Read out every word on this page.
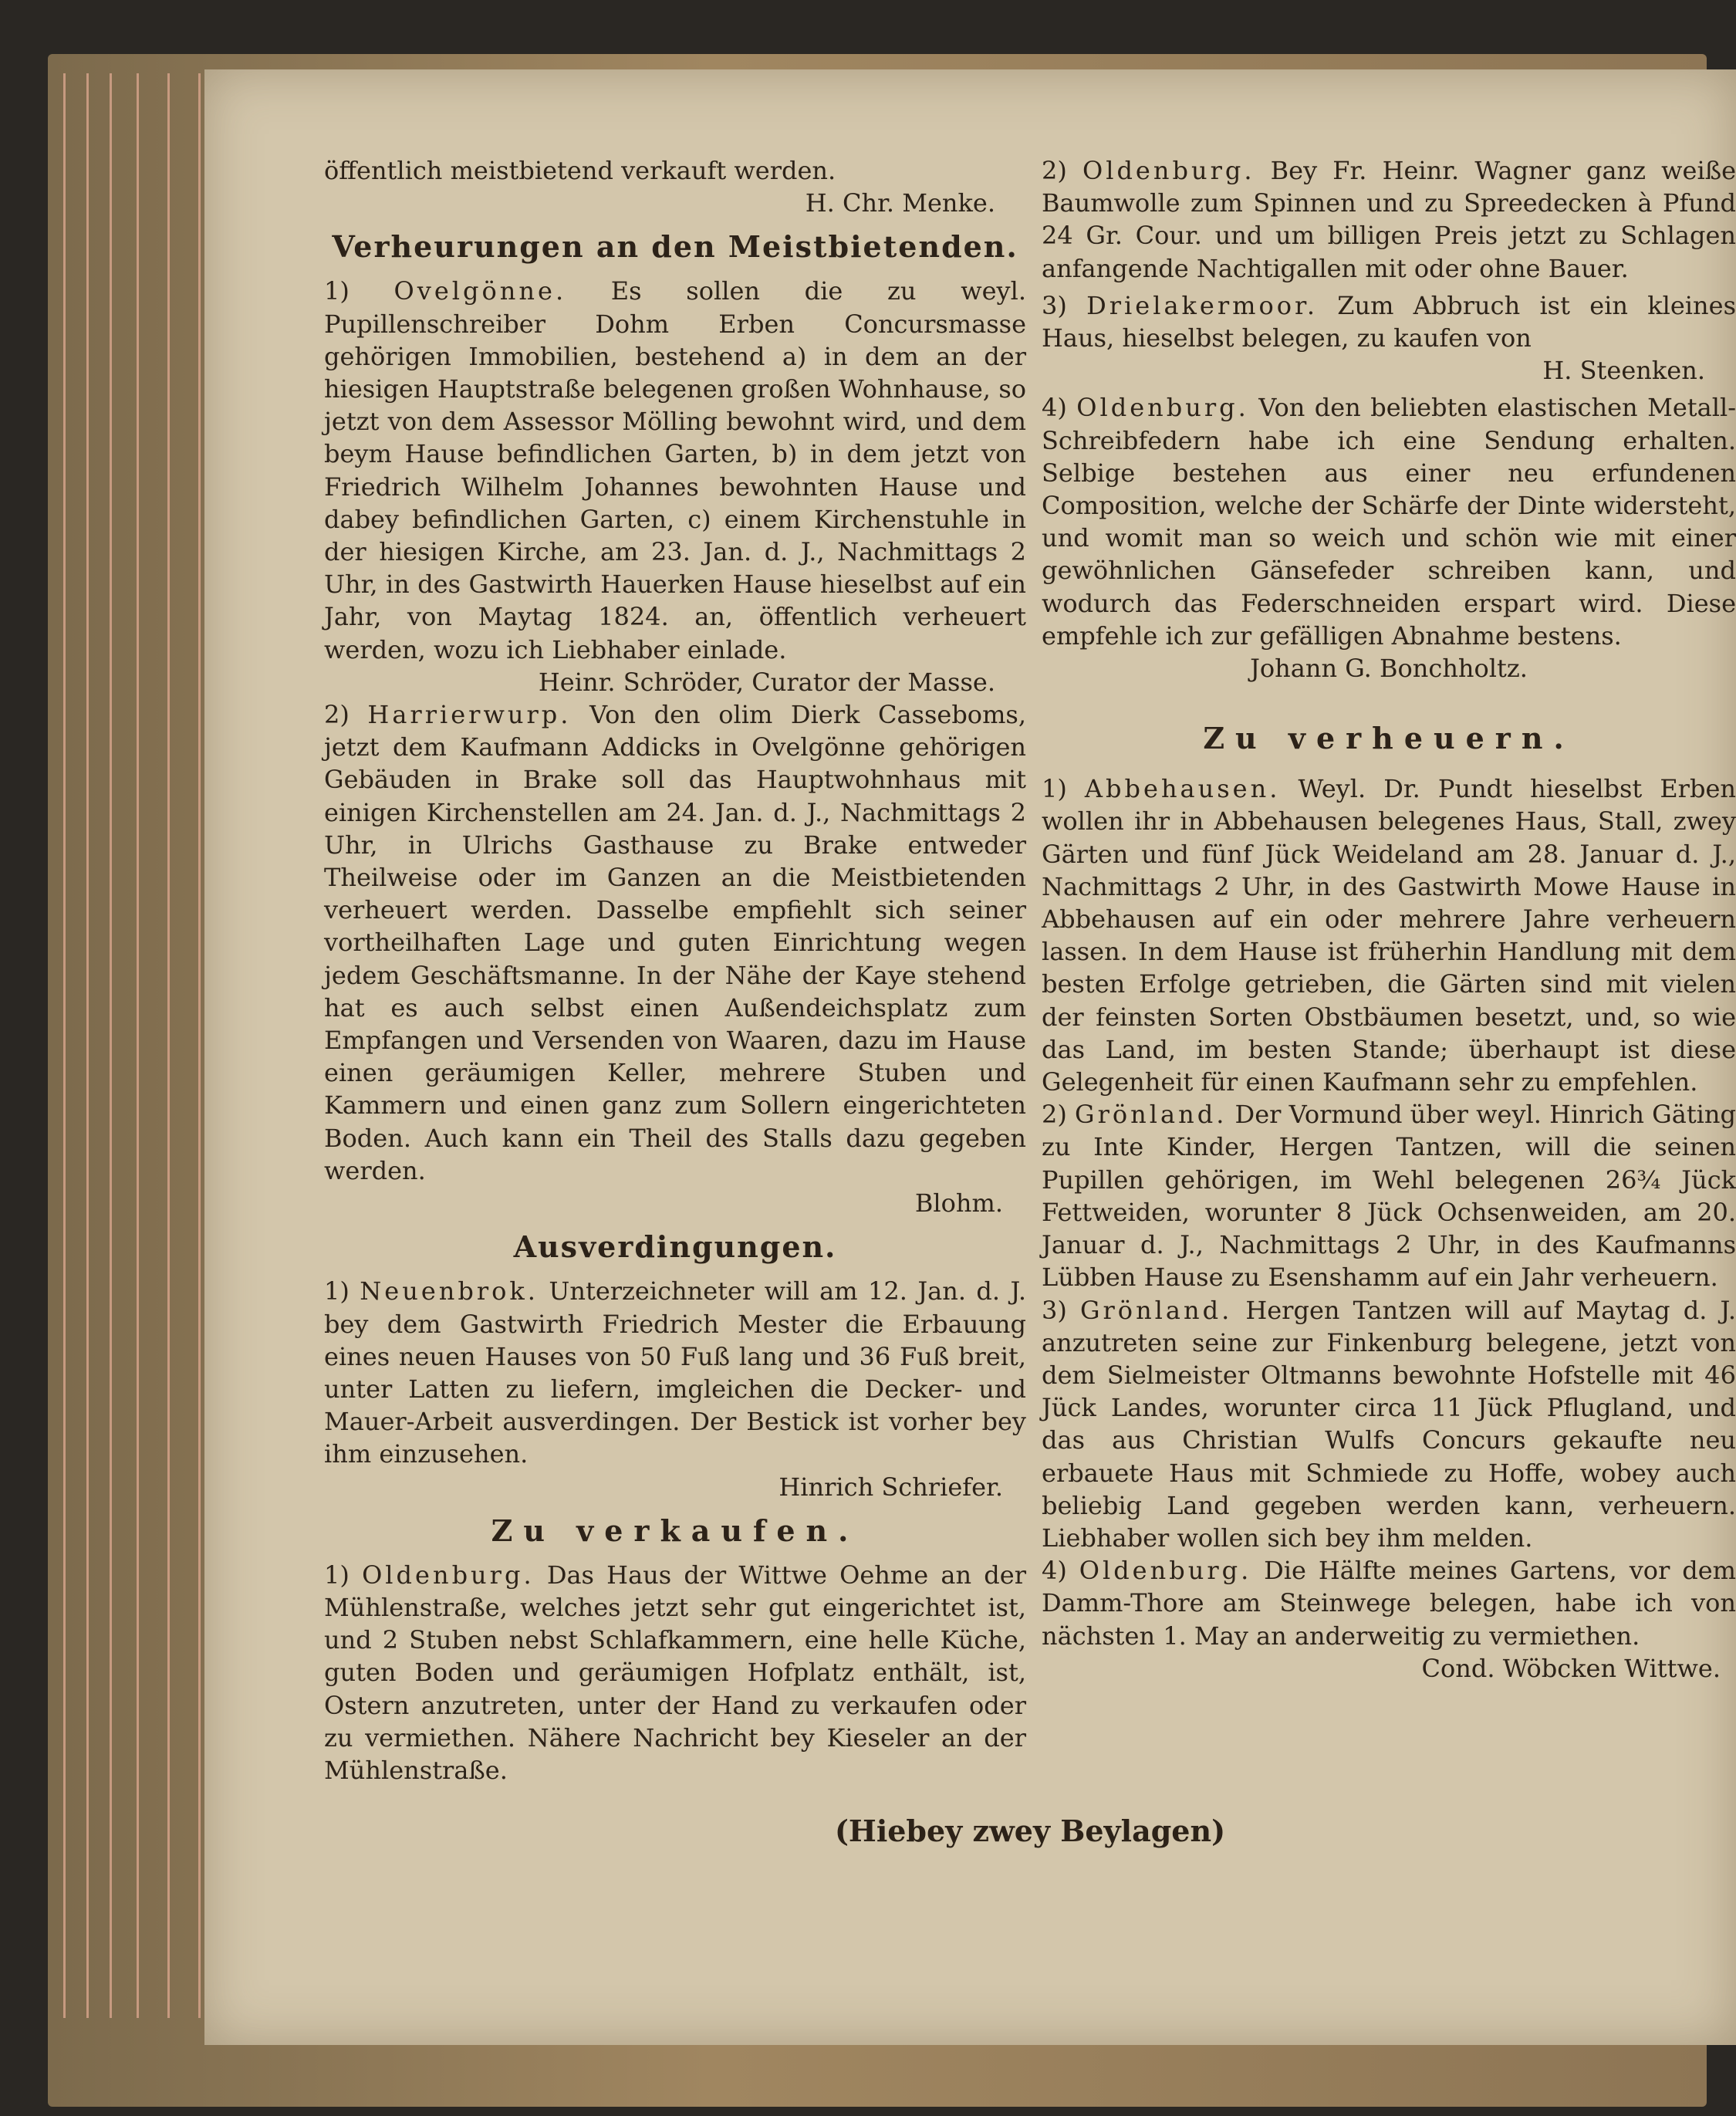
öffentlich meistbietend verkauft werden.

H. Chr. Menke.

Verheurungen an den Meistbietenden.

1) Ovelgönne. Es sollen die zu weyl. Pupillenschreiber Dohm Erben Concursmasse gehörigen Immobilien, bestehend a) in dem an der hiesigen Hauptstraße belegenen großen Wohnhause, so jetzt von dem Assessor Mölling bewohnt wird, und dem beym Hause befindlichen Garten, b) in dem jetzt von Friedrich Wilhelm Johannes bewohnten Hause und dabey befindlichen Garten, c) einem Kirchenstuhle in der hiesigen Kirche, am 23. Jan. d. J., Nachmittags 2 Uhr, in des Gastwirth Hauerken Hause hieselbst auf ein Jahr, von Maytag 1824. an, öffentlich verheuert werden, wozu ich Liebhaber einlade.

Heinr. Schröder, Curator der Masse.

2) Harrierwurp. Von den olim Dierk Casseboms, jetzt dem Kaufmann Addicks in Ovelgönne gehörigen Gebäuden in Brake soll das Hauptwohnhaus mit einigen Kirchenstellen am 24. Jan. d. J., Nachmittags 2 Uhr, in Ulrichs Gasthause zu Brake entweder Theilweise oder im Ganzen an die Meistbietenden verheuert werden. Dasselbe empfiehlt sich seiner vortheilhaften Lage und guten Einrichtung wegen jedem Geschäftsmanne. In der Nähe der Kaye stehend hat es auch selbst einen Außendeichsplatz zum Empfangen und Versenden von Waaren, dazu im Hause einen geräumigen Keller, mehrere Stuben und Kammern und einen ganz zum Sollern eingerichteten Boden. Auch kann ein Theil des Stalls dazu gegeben werden.

Blohm.

Ausverdingungen.

1) Neuenbrok. Unterzeichneter will am 12. Jan. d. J. bey dem Gastwirth Friedrich Mester die Erbauung eines neuen Hauses von 50 Fuß lang und 36 Fuß breit, unter Latten zu liefern, imgleichen die Decker- und Mauer-Arbeit ausverdingen. Der Bestick ist vorher bey ihm einzusehen.

Hinrich Schriefer.

Zu verkaufen.

1) Oldenburg. Das Haus der Wittwe Oehme an der Mühlenstraße, welches jetzt sehr gut eingerichtet ist, und 2 Stuben nebst Schlafkammern, eine helle Küche, guten Boden und geräumigen Hofplatz enthält, ist, Ostern anzutreten, unter der Hand zu verkaufen oder zu vermiethen. Nähere Nachricht bey Kieseler an der Mühlenstraße.

2) Oldenburg. Bey Fr. Heinr. Wagner ganz weiße Baumwolle zum Spinnen und zu Spreedecken à Pfund 24 Gr. Cour. und um billigen Preis jetzt zu Schlagen anfangende Nachtigallen mit oder ohne Bauer.

3) Drielakermoor. Zum Abbruch ist ein kleines Haus, hieselbst belegen, zu kaufen von

H. Steenken.

4) Oldenburg. Von den beliebten elastischen Metall-Schreibfedern habe ich eine Sendung erhalten. Selbige bestehen aus einer neu erfundenen Composition, welche der Schärfe der Dinte widersteht, und womit man so weich und schön wie mit einer gewöhnlichen Gänsefeder schreiben kann, und wodurch das Federschneiden erspart wird. Diese empfehle ich zur gefälligen Abnahme bestens.

Johann G. Bonchholtz.

Zu verheuern.

1) Abbehausen. Weyl. Dr. Pundt hieselbst Erben wollen ihr in Abbehausen belegenes Haus, Stall, zwey Gärten und fünf Jück Weideland am 28. Januar d. J., Nachmittags 2 Uhr, in des Gastwirth Mowe Hause in Abbehausen auf ein oder mehrere Jahre verheuern lassen. In dem Hause ist früherhin Handlung mit dem besten Erfolge getrieben, die Gärten sind mit vielen der feinsten Sorten Obstbäumen besetzt, und, so wie das Land, im besten Stande; überhaupt ist diese Gelegenheit für einen Kaufmann sehr zu empfehlen.

2) Grönland. Der Vormund über weyl. Hinrich Gäting zu Inte Kinder, Hergen Tantzen, will die seinen Pupillen gehörigen, im Wehl belegenen 26¾ Jück Fettweiden, worunter 8 Jück Ochsenweiden, am 20. Januar d. J., Nachmittags 2 Uhr, in des Kaufmanns Lübben Hause zu Esenshamm auf ein Jahr verheuern.

3) Grönland. Hergen Tantzen will auf Maytag d. J. anzutreten seine zur Finkenburg belegene, jetzt von dem Sielmeister Oltmanns bewohnte Hofstelle mit 46 Jück Landes, worunter circa 11 Jück Pflugland, und das aus Christian Wulfs Concurs gekaufte neu erbauete Haus mit Schmiede zu Hoffe, wobey auch beliebig Land gegeben werden kann, verheuern. Liebhaber wollen sich bey ihm melden.

4) Oldenburg. Die Hälfte meines Gartens, vor dem Damm-Thore am Steinwege belegen, habe ich von nächsten 1. May an anderweitig zu vermiethen.

Cond. Wöbcken Wittwe.

(Hiebey zwey Beylagen)
